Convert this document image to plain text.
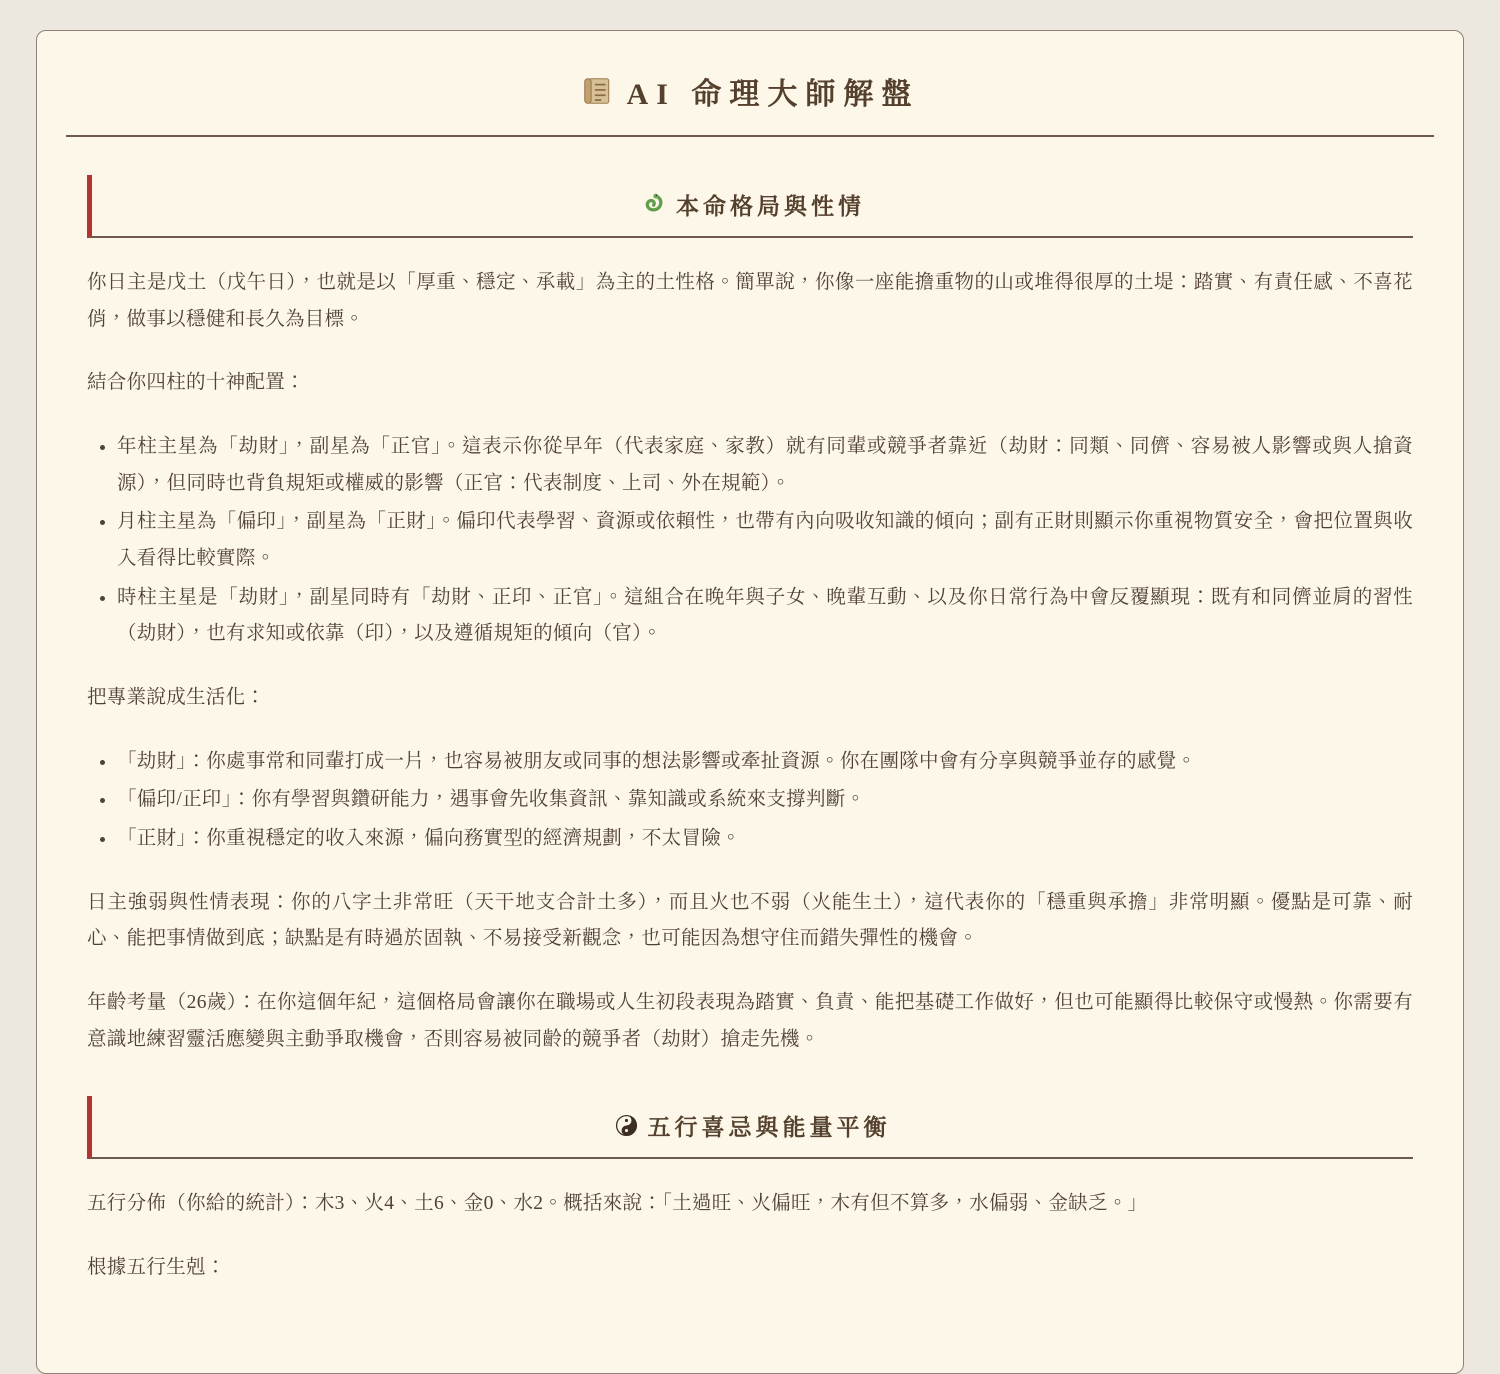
AI 命理大師解盤
本命格局與性情

你日主是戊土（戊午日），也就是以「厚重、穩定、承載」為主的土性格。簡單說，你像一座能擔重物的山或堆得很厚的土堤：踏實、有責任感、不喜花俏，做事以穩健和長久為目標。

結合你四柱的十神配置：

• 年柱主星為「劫財」，副星為「正官」。這表示你從早年（代表家庭、家教）就有同輩或競爭者靠近（劫財：同類、同儕、容易被人影響或與人搶資源），但同時也背負規矩或權威的影響（正官：代表制度、上司、外在規範）。
• 月柱主星為「偏印」，副星為「正財」。偏印代表學習、資源或依賴性，也帶有內向吸收知識的傾向；副有正財則顯示你重視物質安全，會把位置與收入看得比較實際。
• 時柱主星是「劫財」，副星同時有「劫財、正印、正官」。這組合在晚年與子女、晚輩互動、以及你日常行為中會反覆顯現：既有和同儕並肩的習性（劫財），也有求知或依靠（印），以及遵循規矩的傾向（官）。

把專業說成生活化：

• 「劫財」：你處事常和同輩打成一片，也容易被朋友或同事的想法影響或牽扯資源。你在團隊中會有分享與競爭並存的感覺。
• 「偏印/正印」：你有學習與鑽研能力，遇事會先收集資訊、靠知識或系統來支撐判斷。
• 「正財」：你重視穩定的收入來源，偏向務實型的經濟規劃，不太冒險。

日主強弱與性情表現：你的八字土非常旺（天干地支合計土多），而且火也不弱（火能生土），這代表你的「穩重與承擔」非常明顯。優點是可靠、耐心、能把事情做到底；缺點是有時過於固執、不易接受新觀念，也可能因為想守住而錯失彈性的機會。

年齡考量（26歲）：在你這個年紀，這個格局會讓你在職場或人生初段表現為踏實、負責、能把基礎工作做好，但也可能顯得比較保守或慢熱。你需要有意識地練習靈活應變與主動爭取機會，否則容易被同齡的競爭者（劫財）搶走先機。

五行喜忌與能量平衡

五行分佈（你給的統計）：木3、火4、土6、金0、水2。概括來說：「土過旺、火偏旺，木有但不算多，水偏弱、金缺乏。」

根據五行生剋：
